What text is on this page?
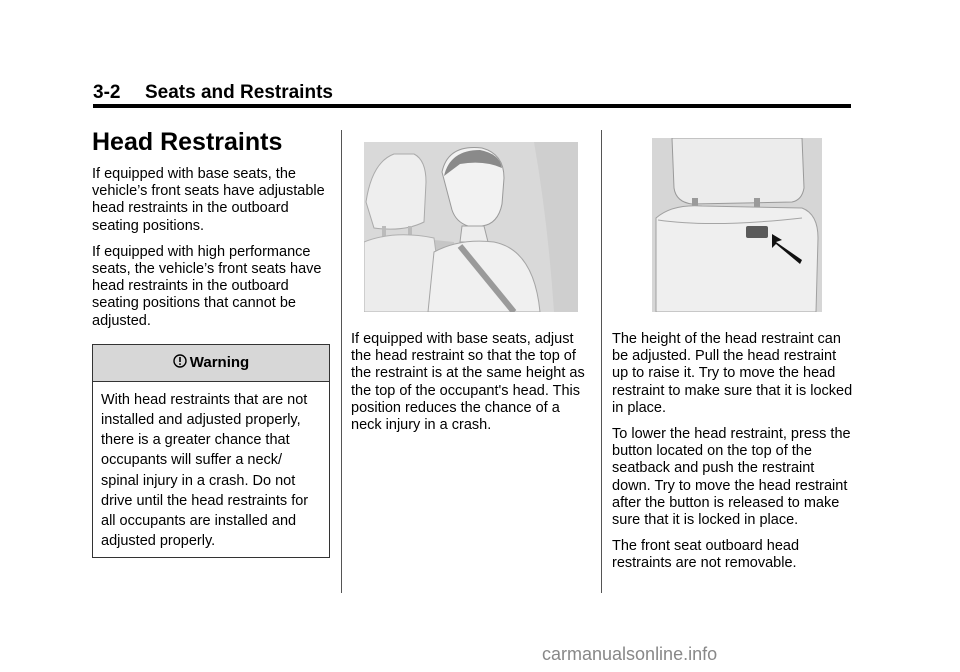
3-2 Seats and Restraints
Head Restraints

If equipped with base seats, the vehicle’s front seats have adjustable head restraints in the outboard seating positions.

If equipped with high performance seats, the vehicle’s front seats have head restraints in the outboard seating positions that cannot be adjusted.

Warning
With head restraints that are not installed and adjusted properly, there is a greater chance that occupants will suffer a neck/ spinal injury in a crash. Do not drive until the head restraints for all occupants are installed and adjusted properly.

If equipped with base seats, adjust the head restraint so that the top of the restraint is at the same height as the top of the occupant's head. This position reduces the chance of a neck injury in a crash.

The height of the head restraint can be adjusted. Pull the head restraint up to raise it. Try to move the head restraint to make sure that it is locked in place.

To lower the head restraint, press the button located on the top of the seatback and push the restraint down. Try to move the head restraint after the button is released to make sure that it is locked in place.

The front seat outboard head restraints are not removable.

carmanualsonline.info
